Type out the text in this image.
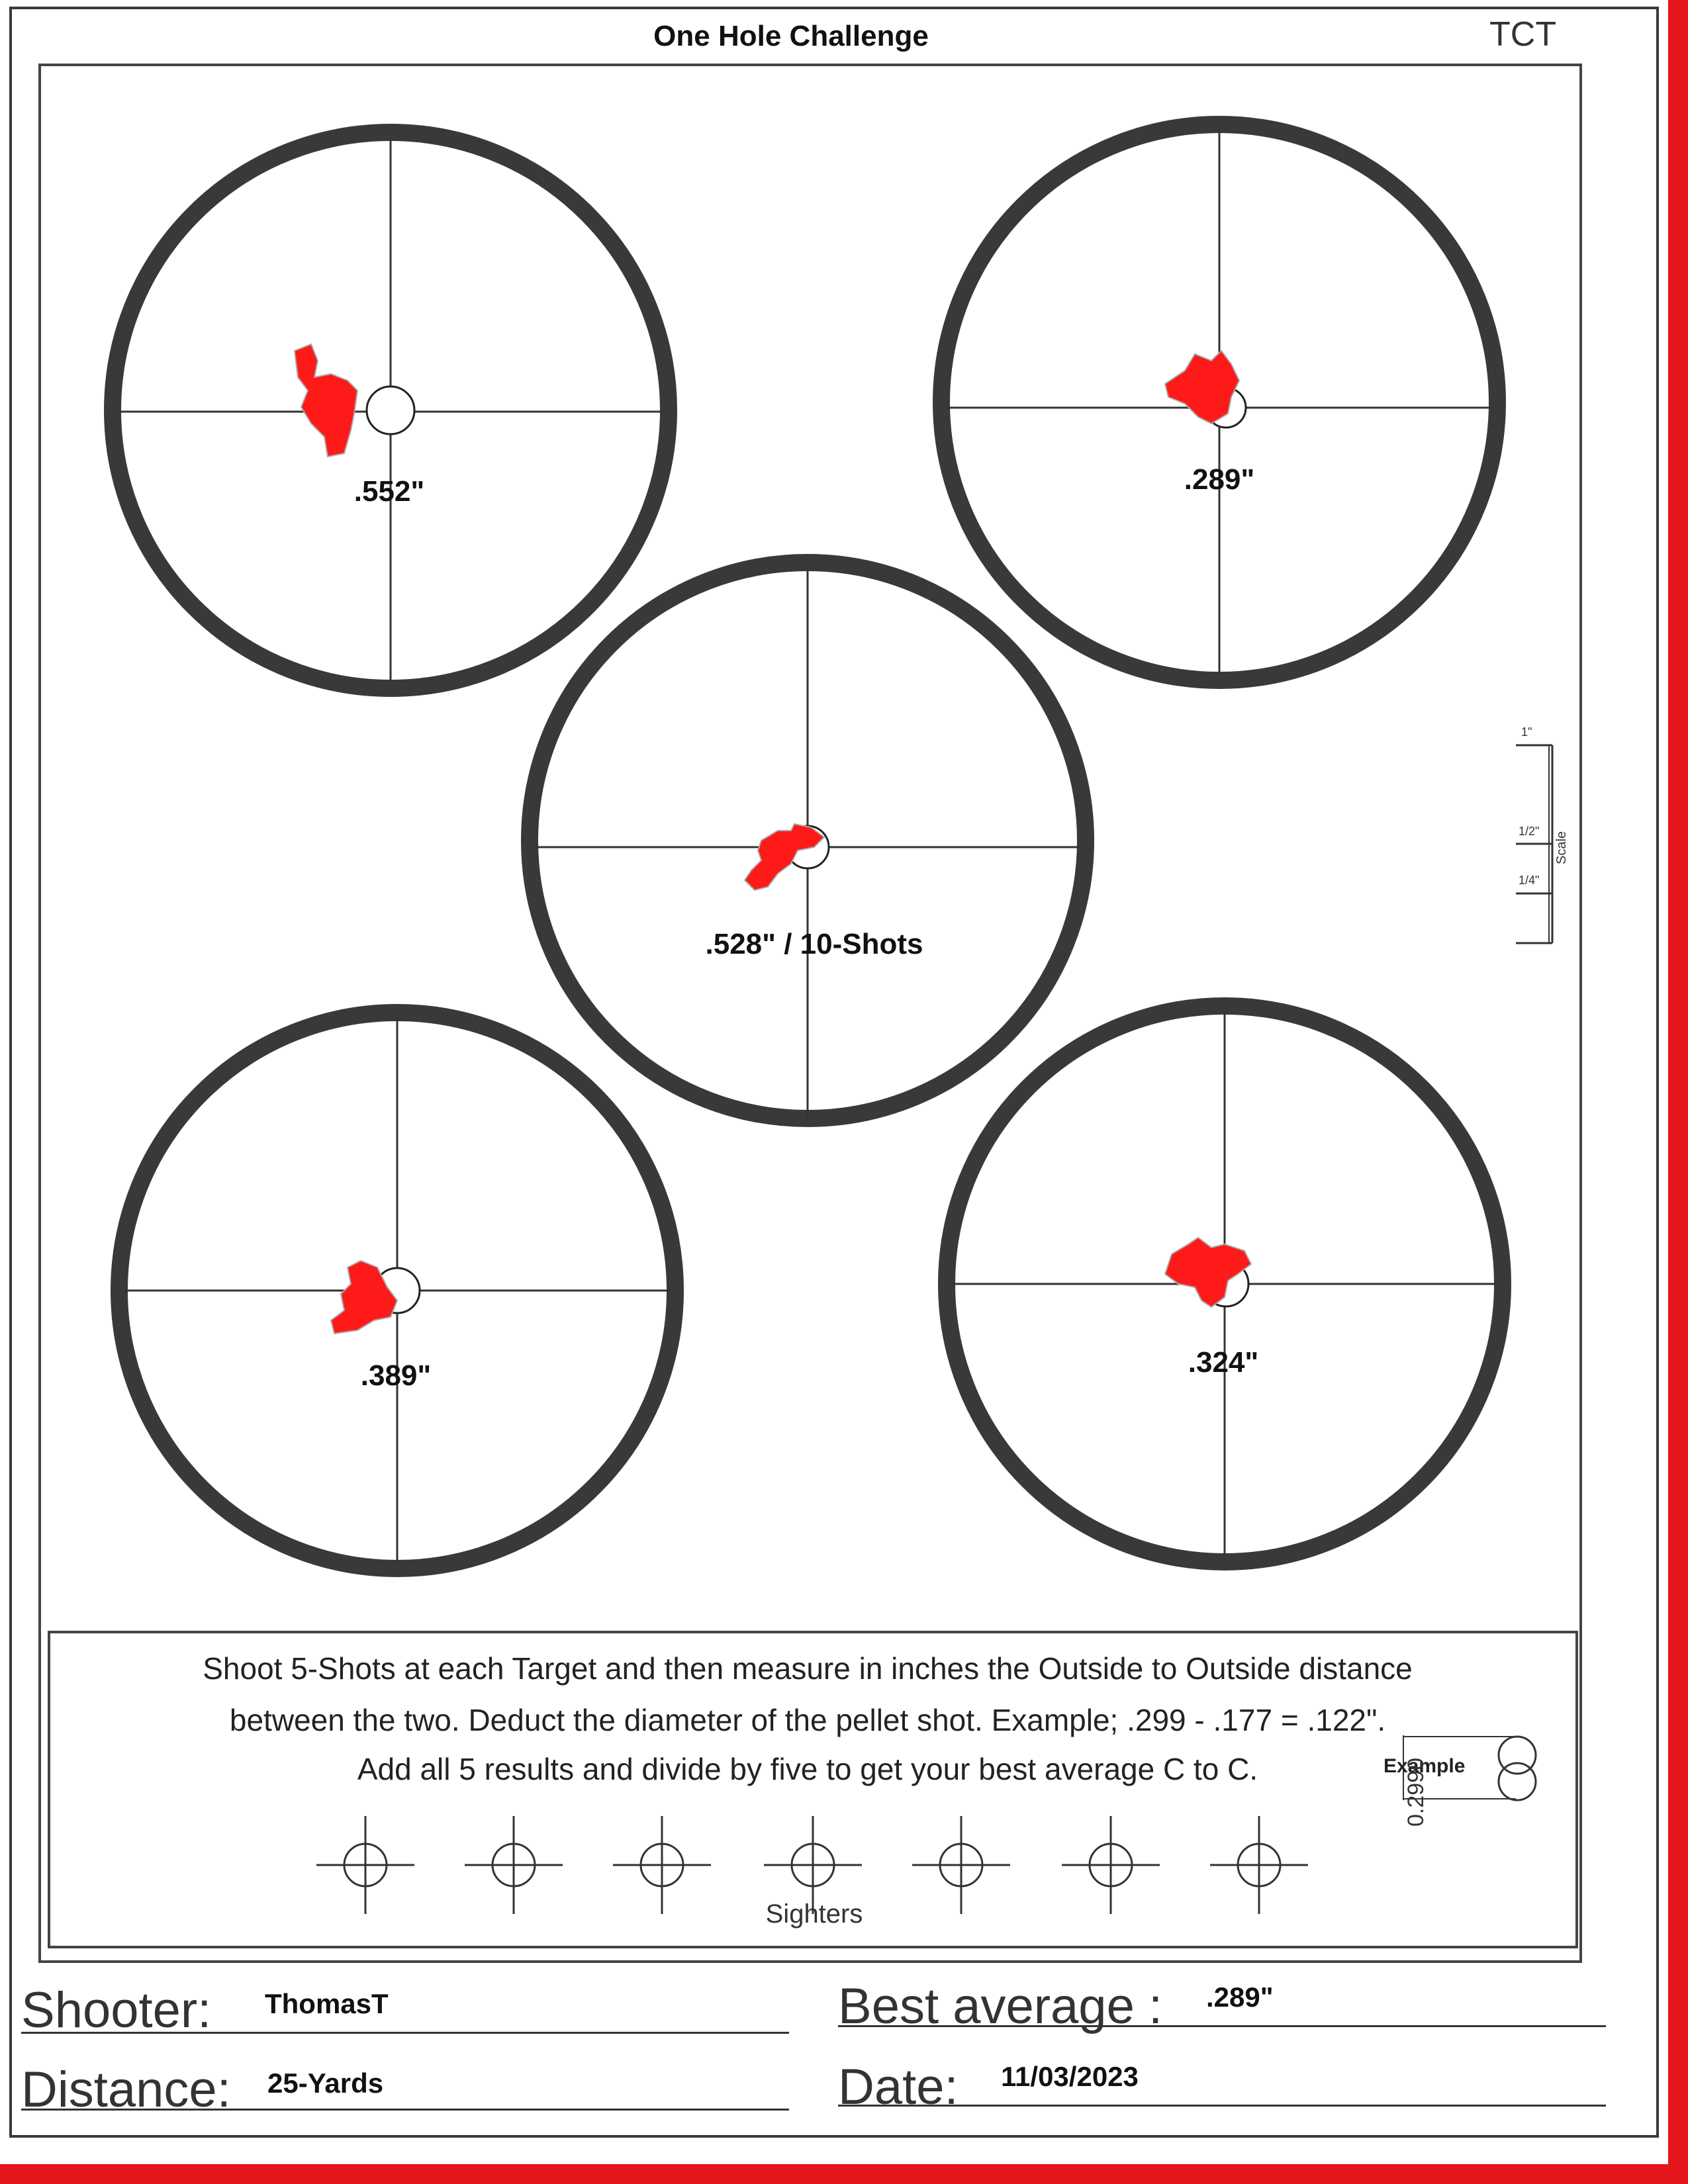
One Hole Challenge	TCT
.552"	.289"
.528" / 10-Shots
.389"	.324"
1"
1/2"
1/4"
Scale
Shoot 5-Shots at each Target and then measure in inches the Outside to Outside distance
between the two. Deduct the diameter of the pellet shot. Example; .299 - .177 = .122".
Add all 5 results and divide by five to get your best average C to C.	Example
0.2990
Sighters
Shooter: ThomasT
Distance: 25-Yards
Best average : .289"
Date: 11/03/2023
